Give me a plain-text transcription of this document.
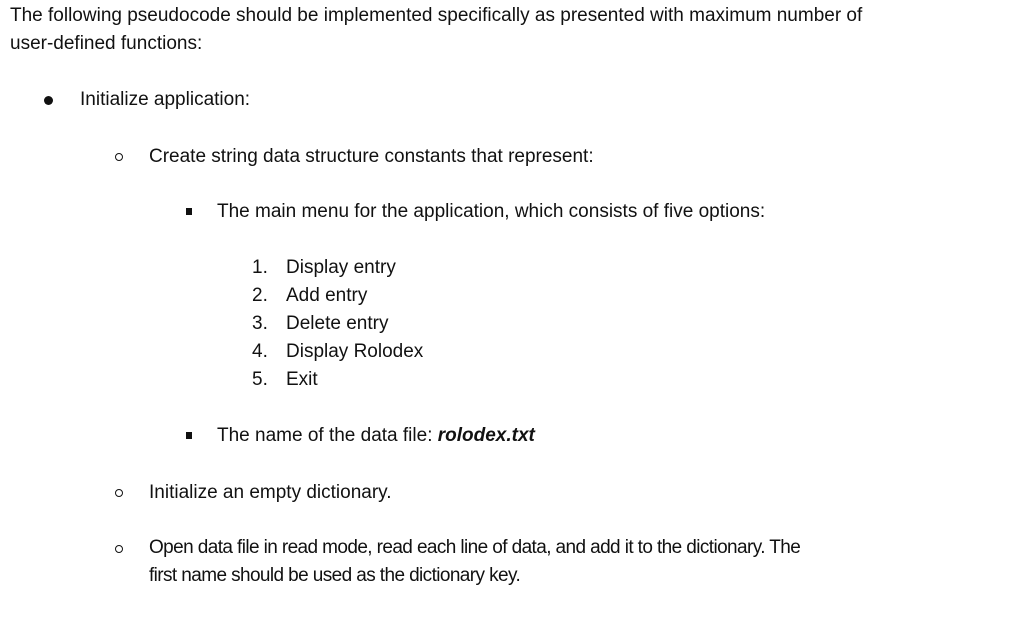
The following pseudocode should be implemented specifically as presented with maximum number of
user-defined functions:
Initialize application:
Create string data structure constants that represent:
The main menu for the application, which consists of five options:
1. Display entry
2. Add entry
3. Delete entry
4. Display Rolodex
5. Exit
The name of the data file: rolodex.txt
Initialize an empty dictionary.
Open data file in read mode, read each line of data, and add it to the dictionary. The
first name should be used as the dictionary key.
